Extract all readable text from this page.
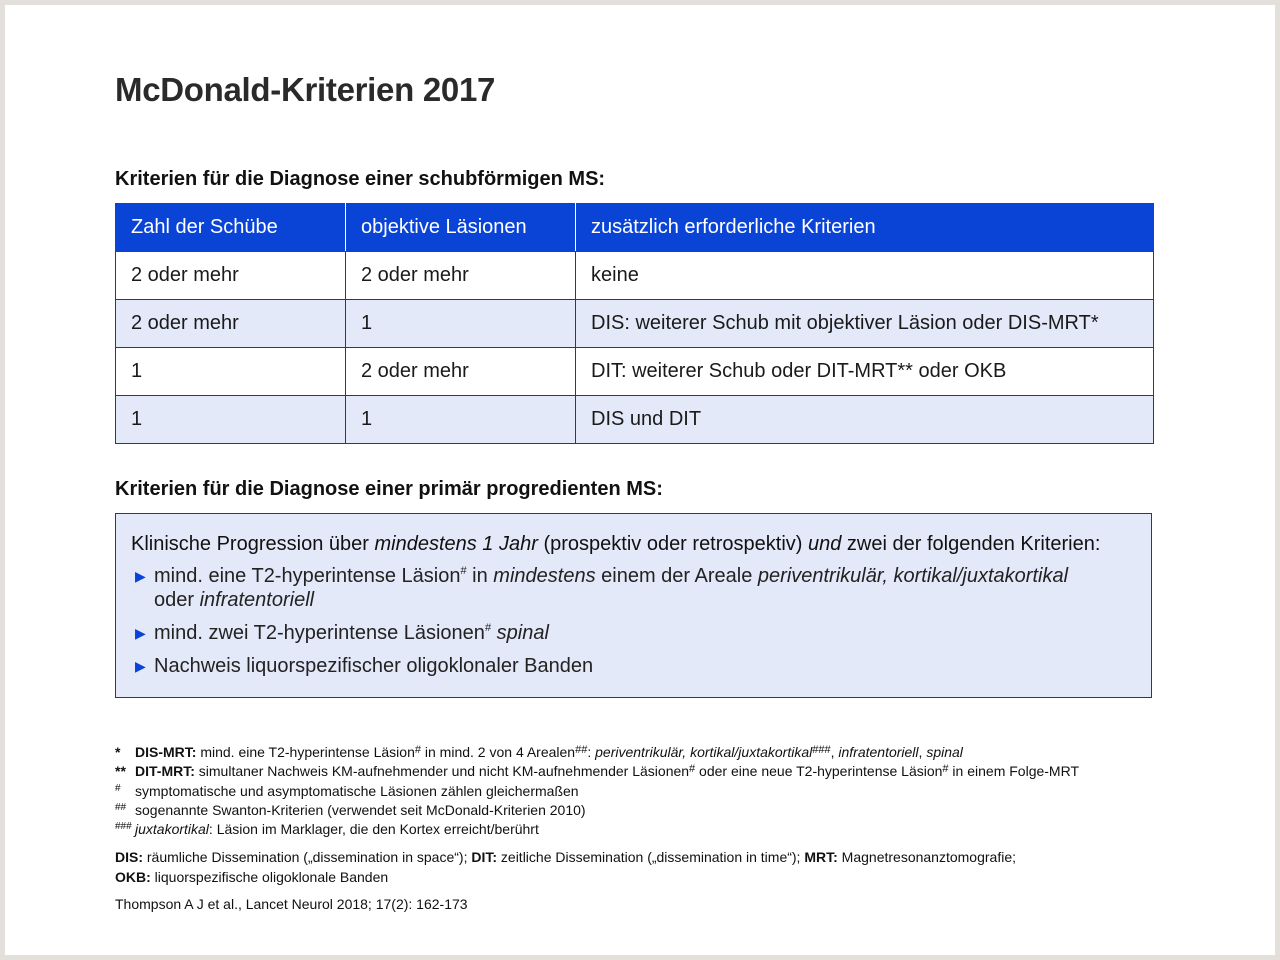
McDonald-Kriterien 2017
Kriterien für die Diagnose einer schubförmigen MS:
Zahl der Schübe	objektive Läsionen	zusätzlich erforderliche Kriterien
2 oder mehr	2 oder mehr	keine
2 oder mehr	1	DIS: weiterer Schub mit objektiver Läsion oder DIS-MRT*
1	2 oder mehr	DIT: weiterer Schub oder DIT-MRT** oder OKB
1	1	DIS und DIT
Kriterien für die Diagnose einer primär progredienten MS:
Klinische Progression über mindestens 1 Jahr (prospektiv oder retrospektiv) und zwei der folgenden Kriterien:
▶ mind. eine T2-hyperintense Läsion# in mindestens einem der Areale periventrikulär, kortikal/juxtakortikal
oder infratentoriell
▶ mind. zwei T2-hyperintense Läsionen# spinal
▶ Nachweis liquorspezifischer oligoklonaler Banden
* DIS-MRT: mind. eine T2-hyperintense Läsion# in mind. 2 von 4 Arealen##: periventrikulär, kortikal/juxtakortikal###, infratentoriell, spinal
** DIT-MRT: simultaner Nachweis KM-aufnehmender und nicht KM-aufnehmender Läsionen# oder eine neue T2-hyperintense Läsion# in einem Folge-MRT
# symptomatische und asymptomatische Läsionen zählen gleichermaßen
## sogenannte Swanton-Kriterien (verwendet seit McDonald-Kriterien 2010)
### juxtakortikal: Läsion im Marklager, die den Kortex erreicht/berührt
DIS: räumliche Dissemination („dissemination in space“); DIT: zeitliche Dissemination („dissemination in time“); MRT: Magnetresonanztomografie;
OKB: liquorspezifische oligoklonale Banden
Thompson A J et al., Lancet Neurol 2018; 17(2): 162-173
